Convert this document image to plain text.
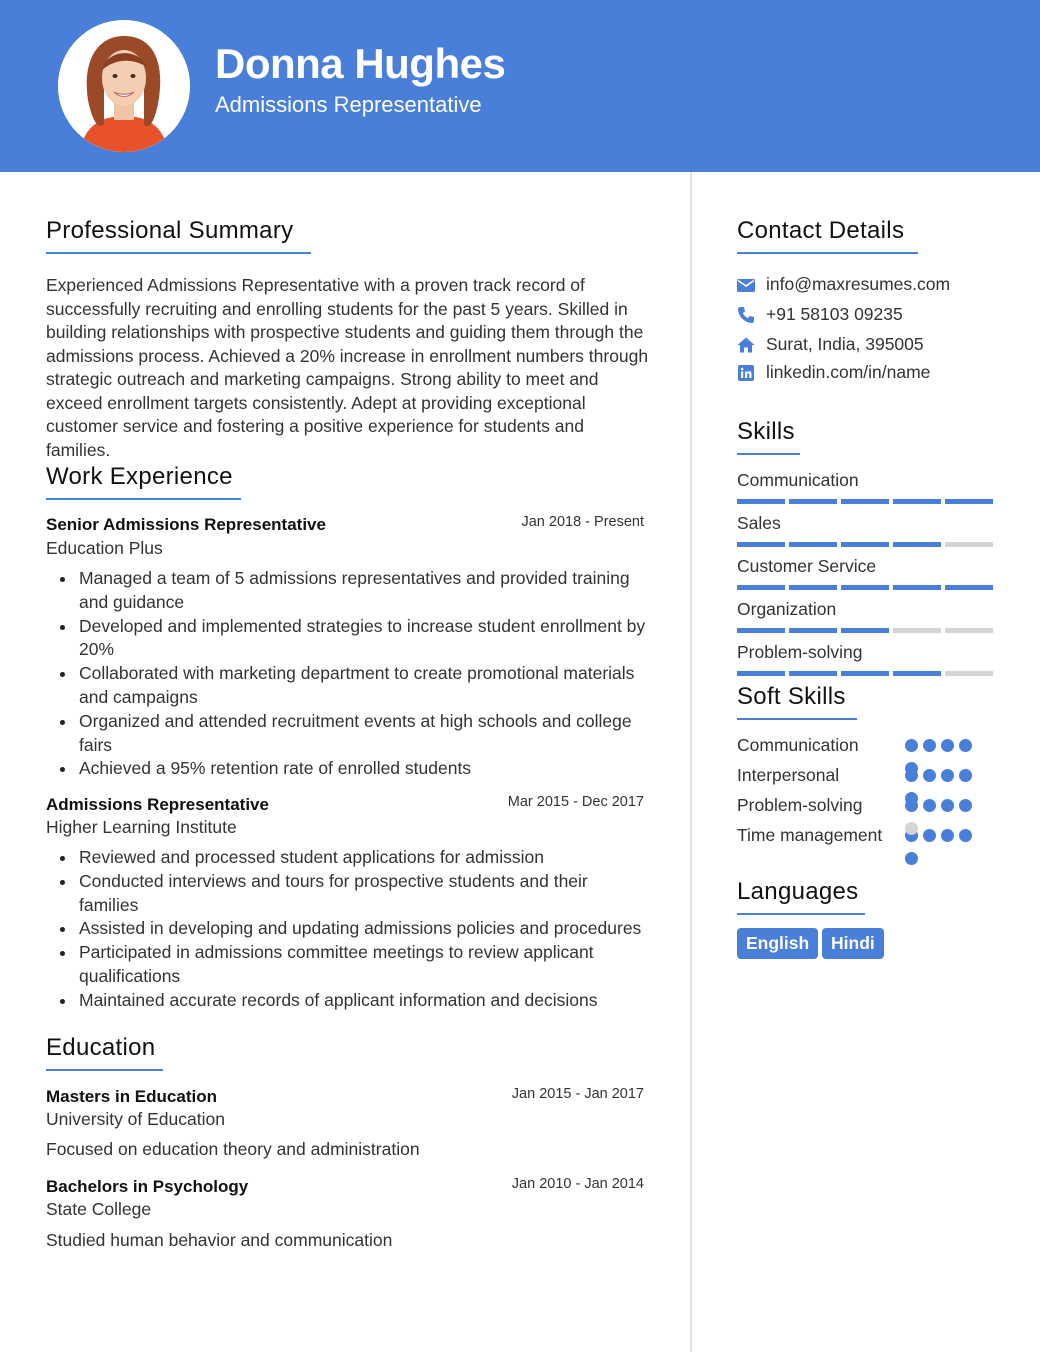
Donna Hughes
Admissions Representative
Professional Summary
Experienced Admissions Representative with a proven track record of successfully recruiting and enrolling students for the past 5 years. Skilled in building relationships with prospective students and guiding them through the admissions process. Achieved a 20% increase in enrollment numbers through strategic outreach and marketing campaigns. Strong ability to meet and exceed enrollment targets consistently. Adept at providing exceptional customer service and fostering a positive experience for students and families.
Work Experience
Senior Admissions Representative	Jan 2018 - Present
Education Plus
Managed a team of 5 admissions representatives and provided training and guidance
Developed and implemented strategies to increase student enrollment by 20%
Collaborated with marketing department to create promotional materials and campaigns
Organized and attended recruitment events at high schools and college fairs
Achieved a 95% retention rate of enrolled students
Admissions Representative	Mar 2015 - Dec 2017
Higher Learning Institute
Reviewed and processed student applications for admission
Conducted interviews and tours for prospective students and their families
Assisted in developing and updating admissions policies and procedures
Participated in admissions committee meetings to review applicant qualifications
Maintained accurate records of applicant information and decisions
Education
Masters in Education	Jan 2015 - Jan 2017
University of Education
Focused on education theory and administration
Bachelors in Psychology	Jan 2010 - Jan 2014
State College
Studied human behavior and communication
Contact Details
info@maxresumes.com
+91 58103 09235
Surat, India, 395005
linkedin.com/in/name
Skills
Communication
Sales
Customer Service
Organization
Problem-solving
Soft Skills
Communication
Interpersonal
Problem-solving
Time management
Languages
English	Hindi
